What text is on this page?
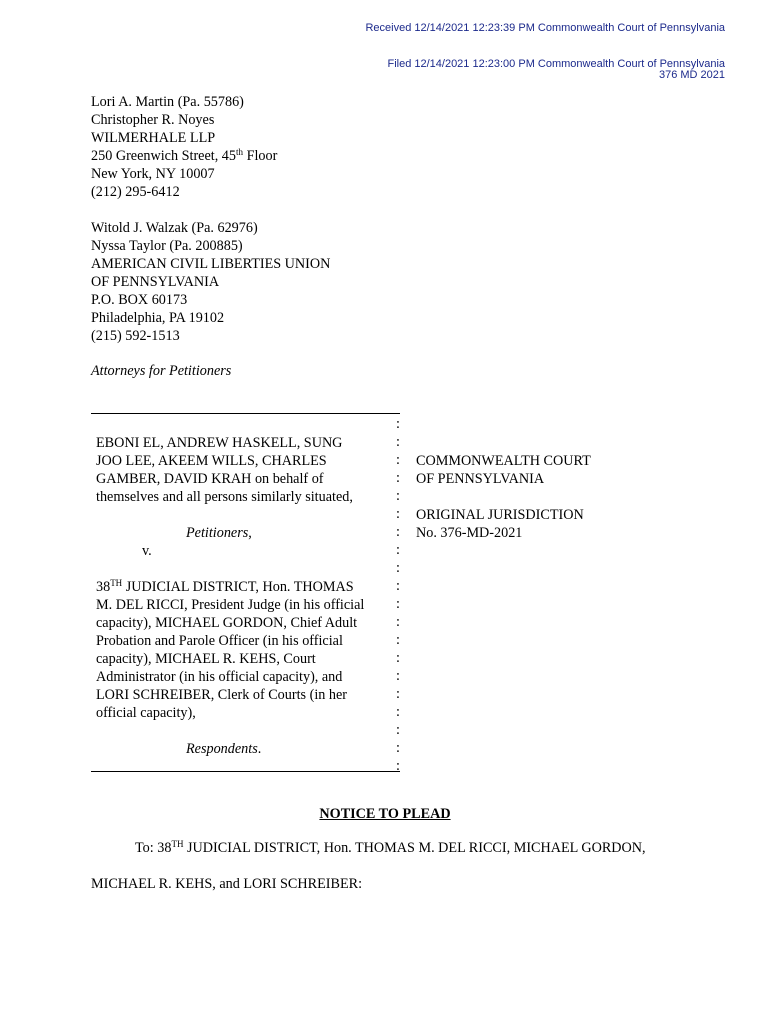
Received 12/14/2021 12:23:39 PM Commonwealth Court of Pennsylvania
Filed 12/14/2021 12:23:00 PM Commonwealth Court of Pennsylvania
376 MD 2021
Lori A. Martin (Pa. 55786)
Christopher R. Noyes
WILMERHALE LLP
250 Greenwich Street, 45th Floor
New York, NY 10007
(212) 295-6412
Witold J. Walzak (Pa. 62976)
Nyssa Taylor (Pa. 200885)
AMERICAN CIVIL LIBERTIES UNION
OF PENNSYLVANIA
P.O. BOX 60173
Philadelphia, PA 19102
(215) 592-1513
Attorneys for Petitioners
:
:
:
:
:
:
:
:
:
:
:
:
:
:
:
:
:
:
:
:
EBONI EL, ANDREW HASKELL, SUNG
JOO LEE, AKEEM WILLS, CHARLES
GAMBER, DAVID KRAH on behalf of
themselves and all persons similarly situated,
Petitioners,
v.
38TH JUDICIAL DISTRICT, Hon. THOMAS
M. DEL RICCI, President Judge (in his official
capacity), MICHAEL GORDON, Chief Adult
Probation and Parole Officer (in his official
capacity), MICHAEL R. KEHS, Court
Administrator (in his official capacity), and
LORI SCHREIBER, Clerk of Courts (in her
official capacity),
Respondents.
COMMONWEALTH COURT
OF PENNSYLVANIA
ORIGINAL JURISDICTION
No. 376-MD-2021
NOTICE TO PLEAD
To: 38TH JUDICIAL DISTRICT, Hon. THOMAS M. DEL RICCI, MICHAEL GORDON,
MICHAEL R. KEHS, and LORI SCHREIBER:
